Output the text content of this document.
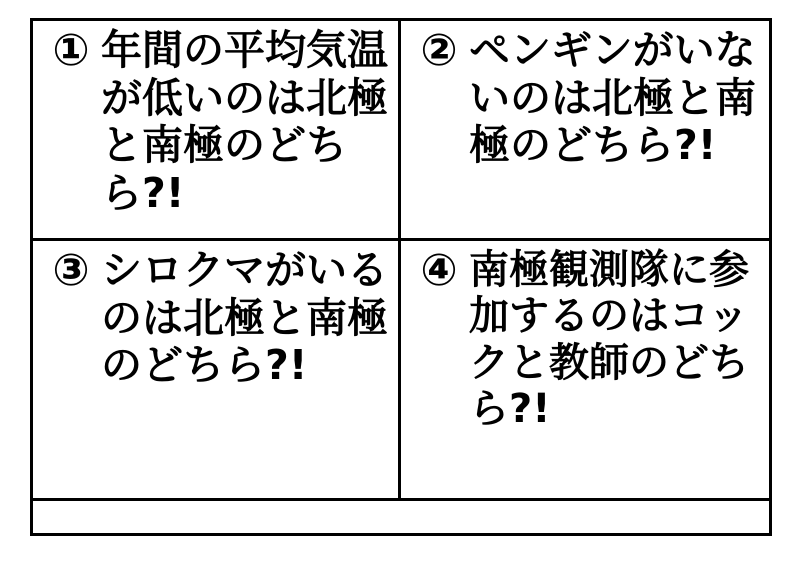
① 年間の平均気温が低いのは北極と南極のどちら?!
② ペンギンがいないのは北極と南極のどちら?!
③ シロクマがいるのは北極と南極のどちら?!
④ 南極観測隊に参加するのはコックと教師のどちら?!
